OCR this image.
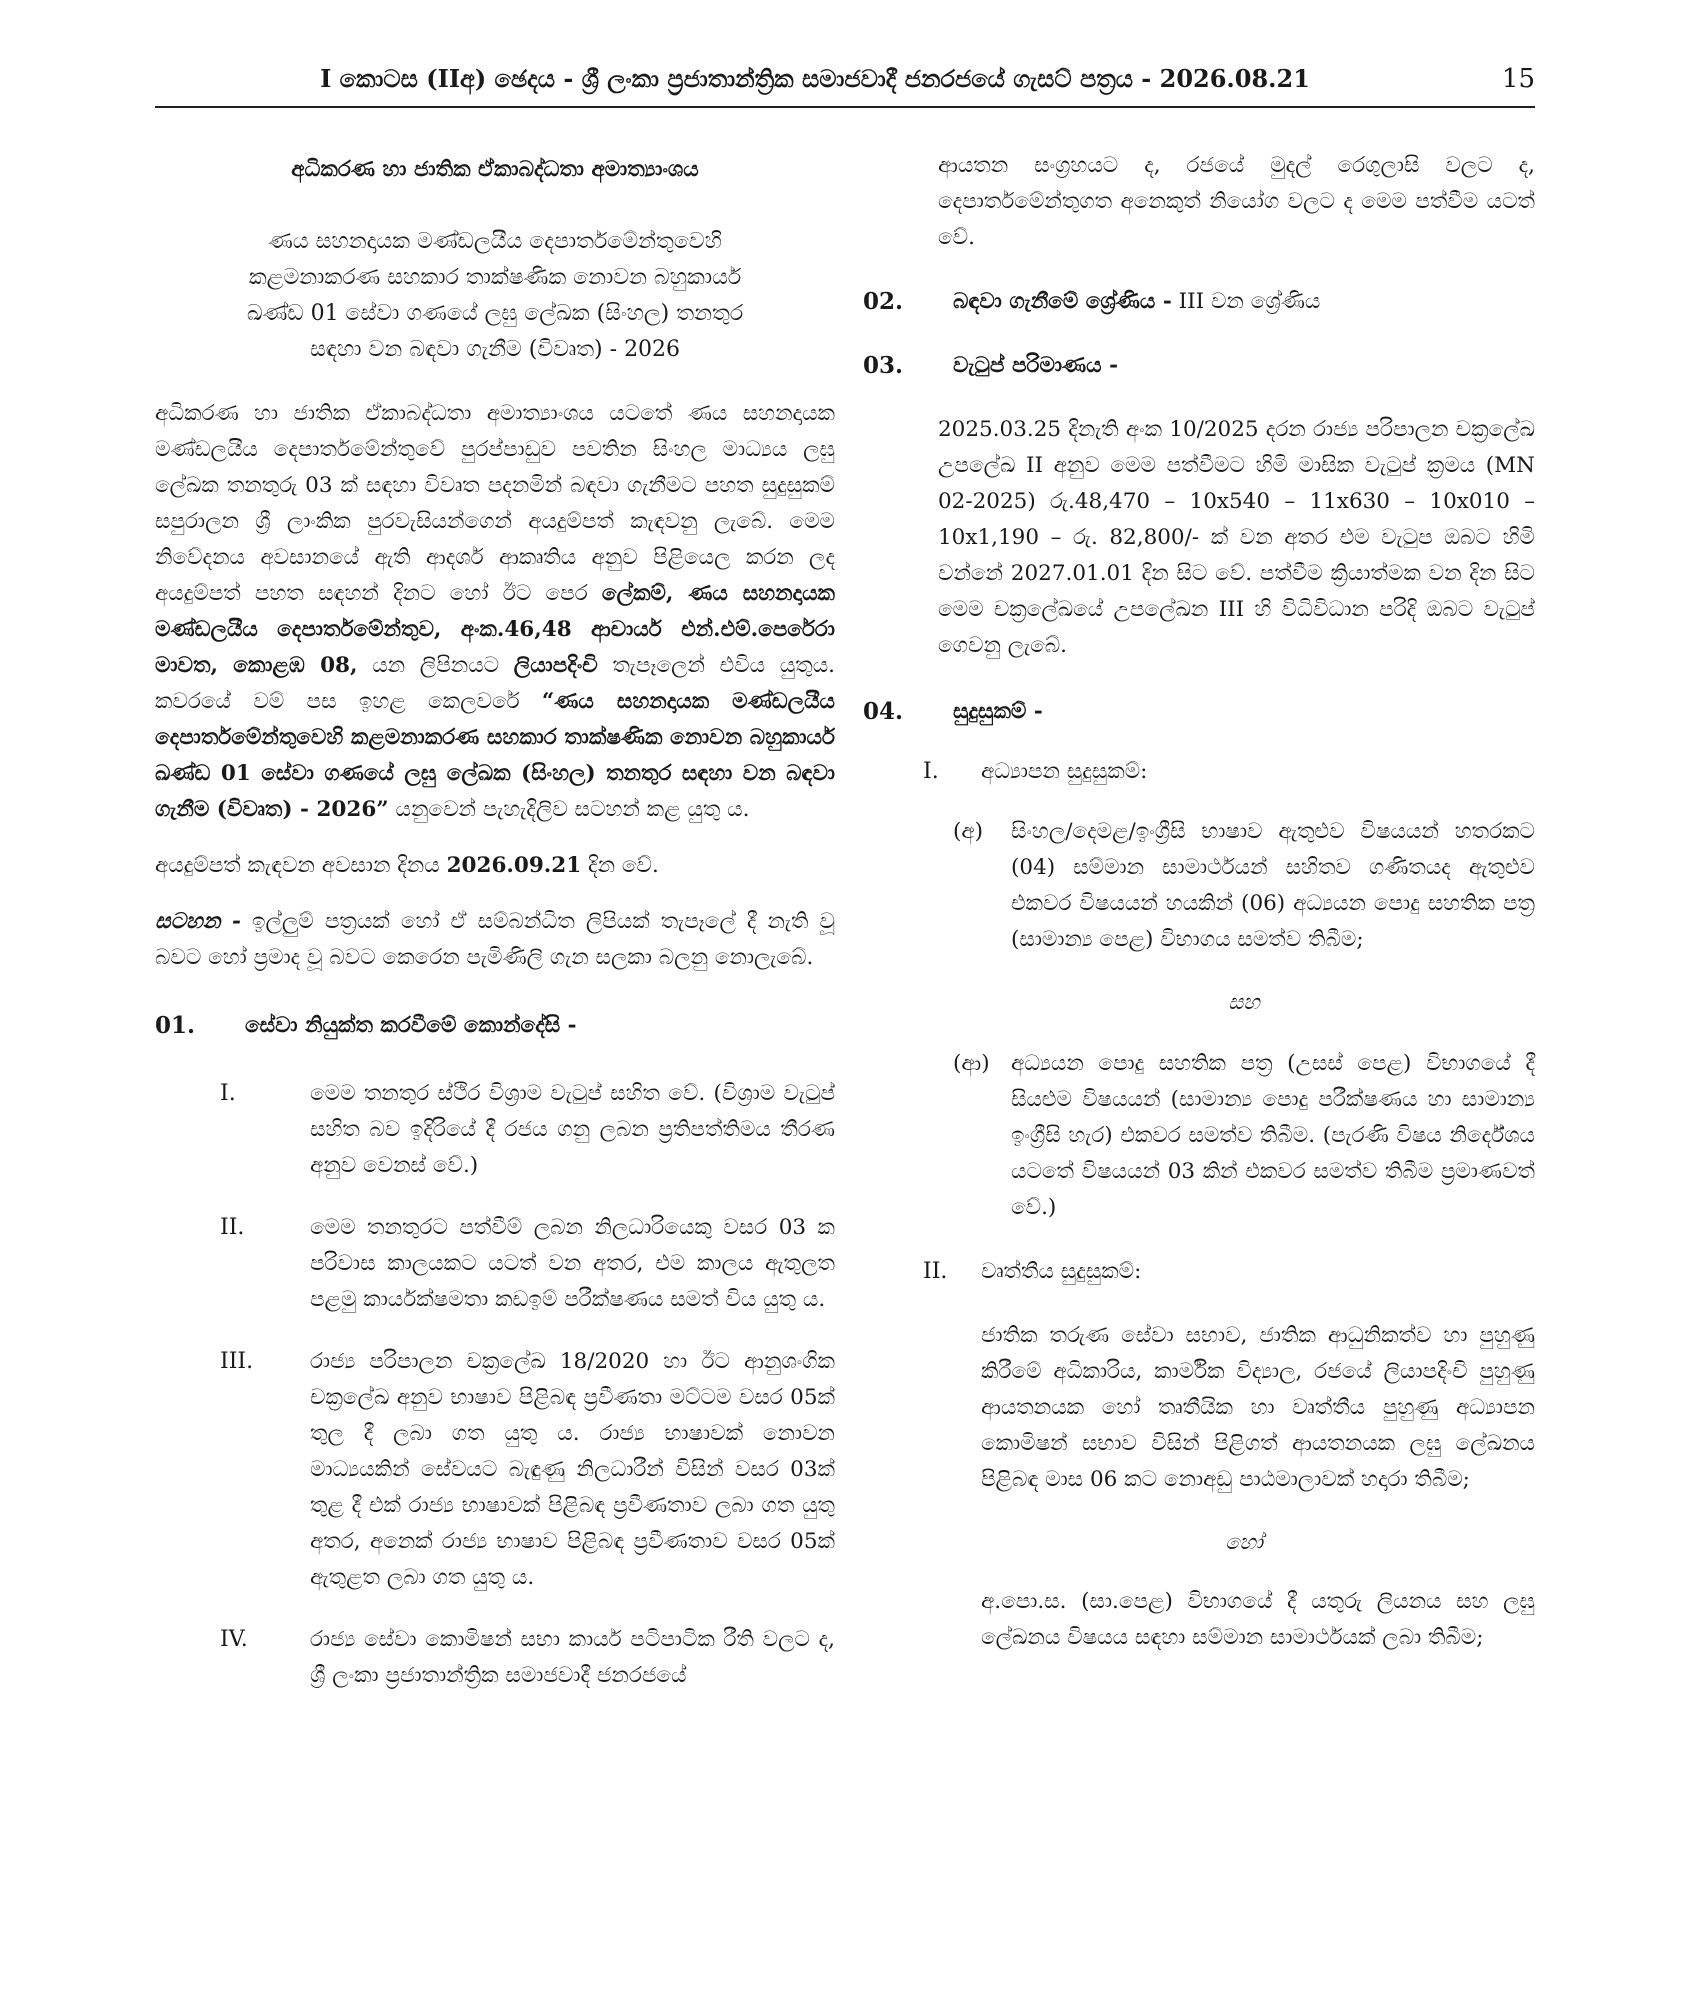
I කොටස (IIඅ) ඡෙදය - ශ්‍රී ලංකා ප්‍රජාතාන්ත්‍රික සමාජවාදී ජනරජයේ ගැසට් පත්‍රය - 2026.08.21	15

අධිකරණ හා ජාතික ඒකාබද්ධතා අමාත්‍යාංශය

ණය සහනදායක මණ්ඩලයීය දෙපාර්තමේන්තුවෙහි

කළමනාකරණ සහකාර තාක්ෂණික නොවන බහුකාර්ය

ඛණ්ඩ 01 සේවා ගණයේ ලඝු ලේඛක (සිංහල) තනතුර

සඳහා වන බඳවා ගැනීම (විවෘත) - 2026

අධිකරණ හා ජාතික ඒකාබද්ධතා අමාත්‍යාංශය යටතේ ණය සහනදායක මණ්ඩලයීය දෙපාර්තමේන්තුවේ පුරප්පාඩුව පවතින සිංහල මාධ්‍යය ලඝු ලේඛක තනතුරු 03 ක් සඳහා විවෘත පදනමින් බඳවා ගැනීමට පහත සුදුසුකම් සපුරාලන ශ්‍රී ලාංකික පුරවැසියන්ගෙන් අයදුම්පත් කැඳවනු ලැබේ. මෙම නිවේදනය අවසානයේ ඇති ආදර්ශ ආකෘතිය අනුව පිළියෙල කරන ලද අයදුම්පත් පහත සඳහන් දිනට හෝ ඊට පෙර ලේකම්, ණය සහනදායක මණ්ඩලයීය දෙපාර්තමේන්තුව, අංක.46,48 ආචාර්ය එන්.එම්.පෙරේරා මාවත, කොළඹ 08, යන ලිපිනයට ලියාපදිංචි තැපෑලෙන් එවිය යුතුය. කවරයේ වම් පස ඉහළ කෙලවරේ “ණය සහනදායක මණ්ඩලයීය දෙපාර්තමේන්තුවෙහි කළමනාකරණ සහකාර තාක්ෂණික නොවන බහුකාර්ය ඛණ්ඩ 01 සේවා ගණයේ ලඝු ලේඛක (සිංහල) තනතුර සඳහා වන බඳවා ගැනීම (විවෘත) - 2026” යනුවෙන් පැහැදිලිව සටහන් කළ යුතු ය.

අයදුම්පත් කැඳවන අවසාන දිනය 2026.09.21 දින වේ.

සටහන - ඉල්ලුම් පත්‍රයක් හෝ ඒ සම්බන්ධිත ලිපියක් තැපෑලේ දී නැති වූ බවට හෝ ප්‍රමාද වූ බවට කෙරෙන පැමිණිලි ගැන සලකා බලනු නොලැබේ.

01. සේවා නියුක්ත කරවීමේ කොන්දේසි -
I.	මෙම තනතුර ස්ථිර විශ්‍රාම වැටුප් සහිත වේ. (විශ්‍රාම වැටුප් සහිත බව ඉදිරියේ දී රජය ගනු ලබන ප්‍රතිපත්තිමය තීරණ අනුව වෙනස් වේ.)

II.	මෙම තනතුරට පත්වීම් ලබන නිලධාරියෙකු වසර 03 ක පරිවාස කාලයකට යටත් වන අතර, එම කාලය ඇතුලත පළමු කාර්යක්ෂමතා කඩඉම් පරීක්ෂණය සමත් විය යුතු ය.

III.	රාජ්‍ය පරිපාලන චක්‍රලේඛ 18/2020 හා ඊට ආනුශංගික චක්‍රලේඛ අනුව භාෂාව පිළිබඳ ප්‍රවීණතා මට්ටම වසර 05ක් තුල දී ලබා ගත යුතු ය. රාජ්‍ය භාෂාවක් නොවන මාධ්‍යයකින් සේවයට බැඳුණු නිලධාරීන් විසින් වසර 03ක් තුළ දී එක් රාජ්‍ය භාෂාවක් පිළිබඳ ප්‍රවීණතාව ලබා ගත යුතු අතර, අනෙක් රාජ්‍ය භාෂාව පිළිබඳ ප්‍රවීණතාව වසර 05ක් ඇතුළත ලබා ගත යුතු ය.

IV.	රාජ්‍ය සේවා කොමිෂන් සභා කාර්ය පටිපාටික රීති වලට ද, ශ්‍රී ලංකා ප්‍රජාතාන්ත්‍රික සමාජවාදී ජනරජයේ

ආයතන සංග්‍රහයට ද, රජයේ මුදල් රෙගුලාසි වලට ද, දෙපාර්තමේන්තුගත අනෙකුත් නියෝග වලට ද මෙම පත්වීම යටත් වේ.

02. බඳවා ගැනීමේ ශ්‍රේණිය - III වන ශ්‍රේණිය
03. වැටුප් පරිමාණය -

2025.03.25 දිනැති අංක 10/2025 දරන රාජ්‍ය පරිපාලන චක්‍රලේඛ උපලේඛ II අනුව මෙම පත්වීමට හිමි මාසික වැටුප් ක්‍රමය (MN 02-2025) රු.48,470 – 10x540 – 11x630 – 10x010 – 10x1,190 – රු. 82,800/- ක් වන අතර එම වැටුප ඔබට හිමි වන්නේ 2027.01.01 දින සිට වේ. පත්වීම ක්‍රියාත්මක වන දින සිට මෙම චක්‍රලේඛයේ උපලේඛන III හි විධිවිධාන පරිදි ඔබට වැටුප් ගෙවනු ලැබේ.

04. සුදුසුකම් -
I. අධ්‍යාපන සුදුසුකම්:

(අ) සිංහල/දෙමළ/ඉංග්‍රීසි භාෂාව ඇතුළුව විෂයයන් හතරකට (04) සම්මාන සාමාර්ථයන් සහිතව ගණිතයද ඇතුළුව එකවර විෂයයන් හයකින් (06) අධ්‍යයන පොදු සහතික පත්‍ර (සාමාන්‍ය පෙළ) විභාගය සමත්ව තිබීම;

සහ

(ආ) අධ්‍යයන පොදු සහතික පත්‍ර (උසස් පෙළ) විභාගයේ දී සියළුම විෂයයන් (සාමාන්‍ය පොදු පරීක්ෂණය හා සාමාන්‍ය ඉංග්‍රීසි හැර) එකවර සමත්ව තිබීම. (පැරණි විෂය නිර්දේශය යටතේ විෂයයන් 03 කින් එකවර සමත්ව තිබීම ප්‍රමාණවත් වේ.)

II. වෘත්තීය සුදුසුකම්:

ජාතික තරුණ සේවා සභාව, ජාතික ආධුනිකත්ව හා පුහුණු කිරීමේ අධිකාරිය, කාර්මික විද්‍යාල, රජයේ ලියාපදිංචි පුහුණු ආයතනයක හෝ තෘතීයික හා වෘත්තීය පුහුණු අධ්‍යාපන කොමිෂන් සභාව විසින් පිළිගත් ආයතනයක ලඝු ලේඛනය පිළිබඳ මාස 06 කට නොඅඩු පාඨමාලාවක් හදාරා තිබීම;

හෝ

අ.පො.ස. (සා.පෙළ) විභාගයේ දී යතුරු ලියනය සහ ලඝු ලේඛනය විෂයය සඳහා සම්මාන සාමාර්ථයක් ලබා තිබීම;
